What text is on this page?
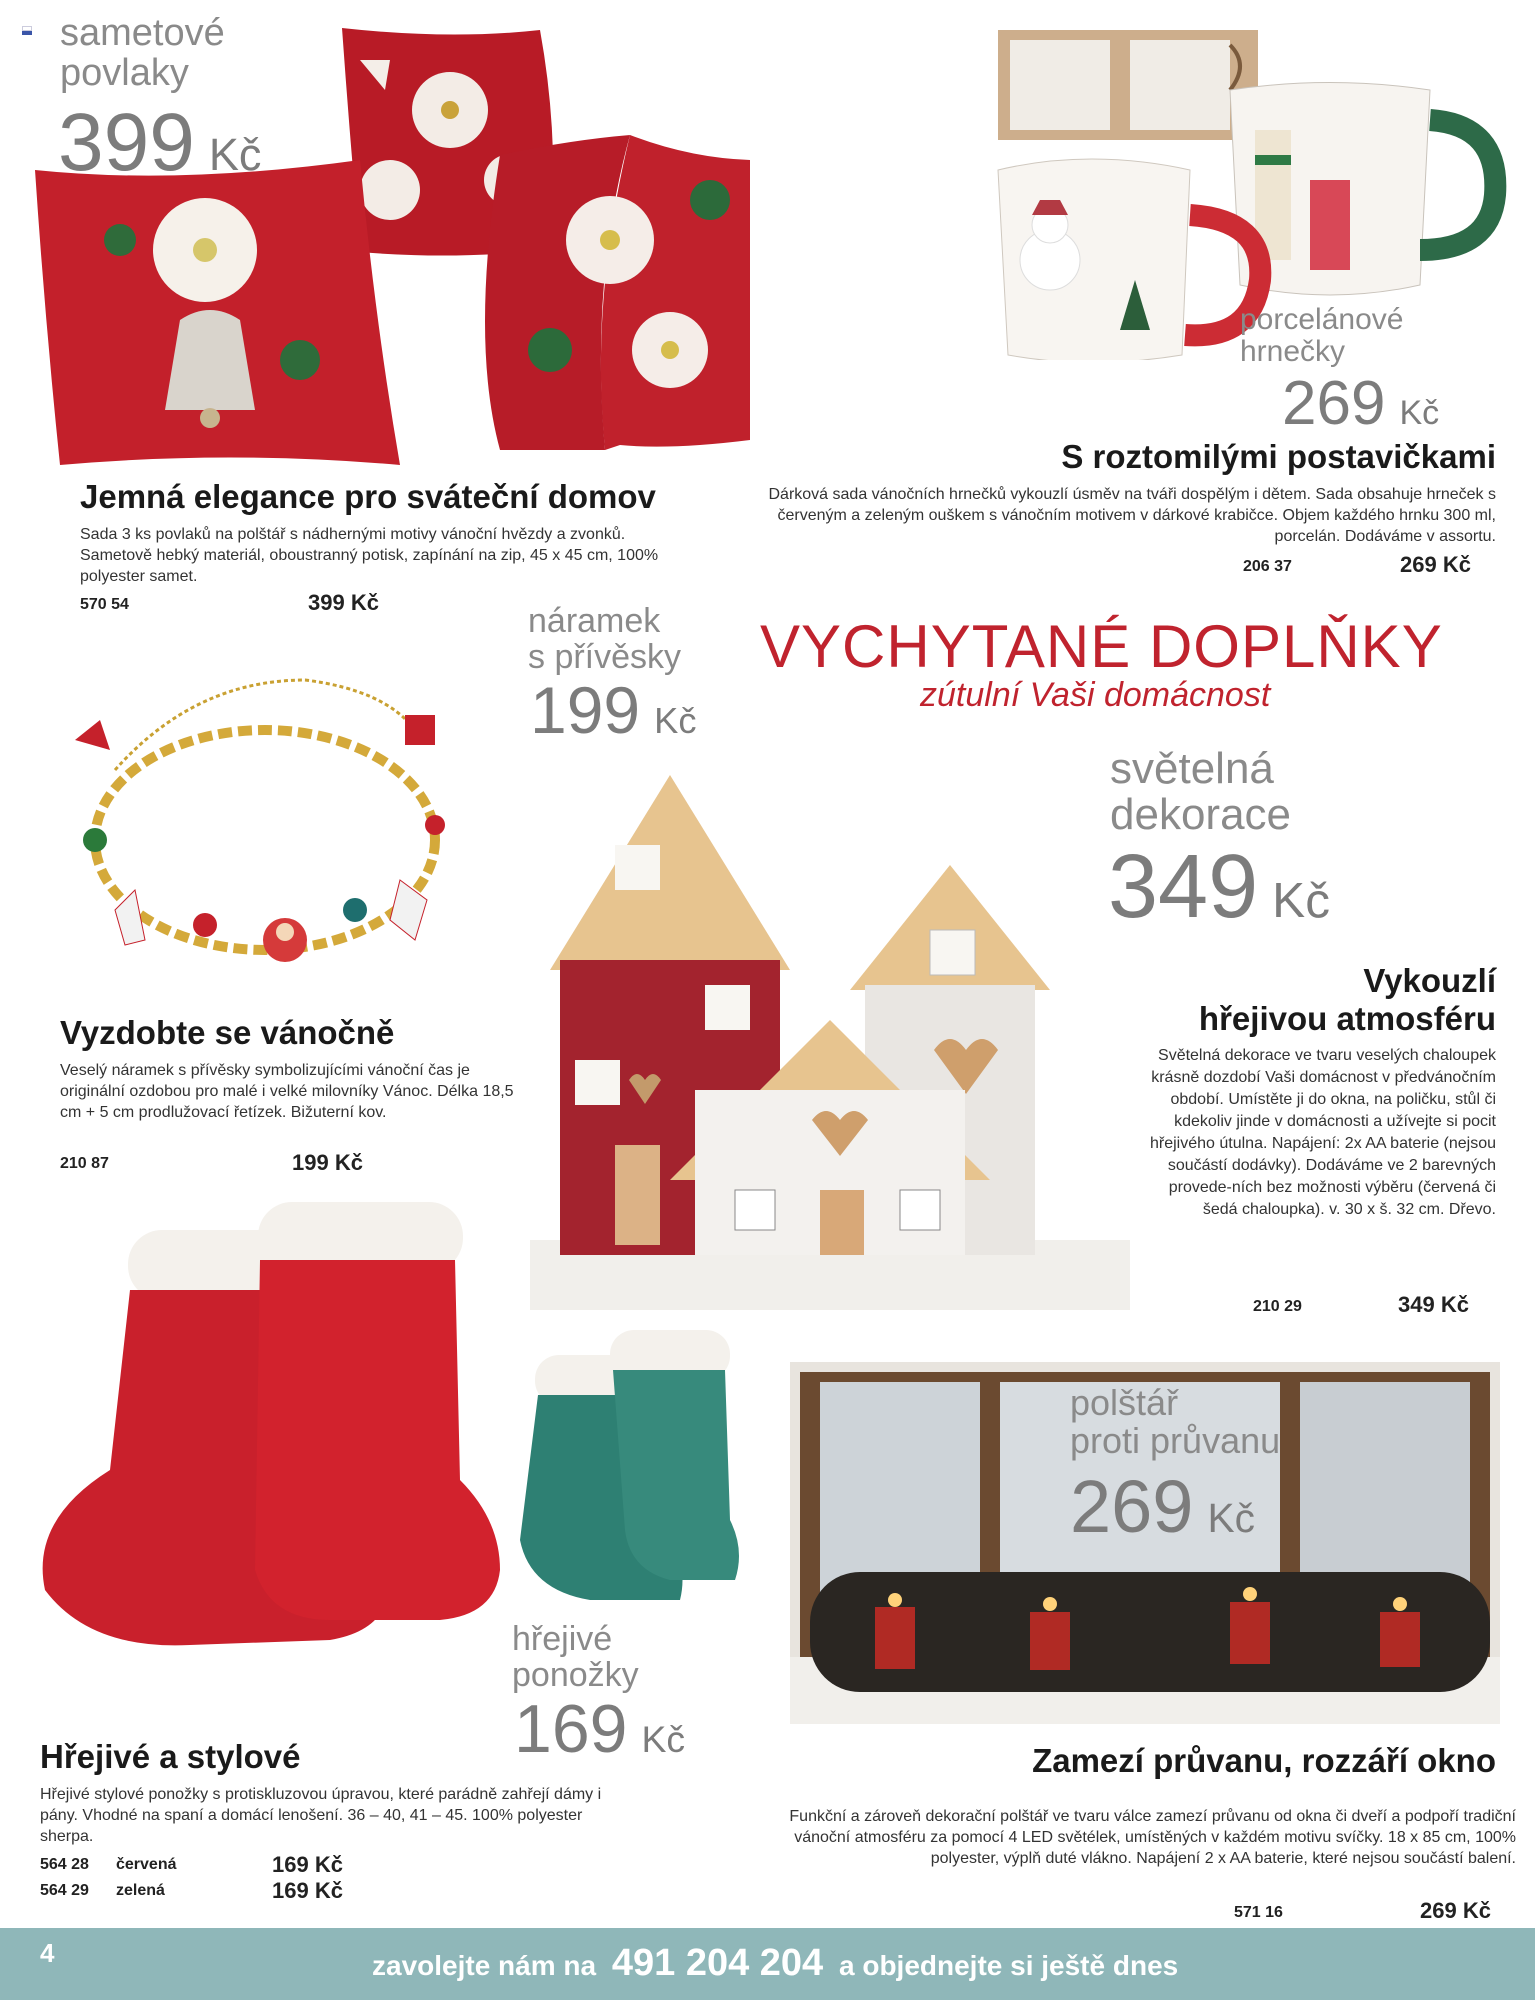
sametové
povlaky
399 Kč
Jemná elegance pro sváteční domov
Sada 3 ks povlaků na polštář s nádhernými motivy vánoční hvězdy a zvonků. Sametově hebký materiál, oboustranný potisk, zapínání na zip, 45 x 45 cm, 100% polyester samet.
570 54	399 Kč
porcelánové
hrnečky
269 Kč
S roztomilými postavičkami
Dárková sada vánočních hrnečků vykouzlí úsměv na tváři dospělým i dětem. Sada obsahuje hrneček s červeným a zeleným ouškem s vánočním motivem v dárkové krabičce. Objem každého hrnku 300 ml, porcelán. Dodáváme v assortu.
206 37	269 Kč
VYCHYTANÉ DOPLŇKY
zútulní Vaši domácnost
náramek
s přívěsky
199 Kč
Vyzdobte se vánočně
Veselý náramek s přívěsky symbolizujícími vánoční čas je originální ozdobou pro malé i velké milovníky Vánoc. Délka 18,5 cm + 5 cm prodlužovací řetízek. Bižuterní kov.
210 87	199 Kč
světelná
dekorace
349 Kč
Vykouzlí
hřejivou atmosféru
Světelná dekorace ve tvaru veselých chaloupek krásně dozdobí Vaši domácnost v předvánočním období. Umístěte ji do okna, na poličku, stůl či kdekoliv jinde v domácnosti a užívejte si pocit hřejivého útulna. Napájení: 2x AA baterie (nejsou součástí dodávky). Dodáváme ve 2 barevných provede-ních bez možnosti výběru (červená či šedá chaloupka). v. 30 x š. 32 cm. Dřevo.
210 29	349 Kč
hřejivé
ponožky
169 Kč
Hřejivé a stylové
Hřejivé stylové ponožky s protiskluzovou úpravou, které parádně zahřejí dámy i pány. Vhodné na spaní a domácí lenošení. 36 – 40, 41 – 45. 100% polyester sherpa.
564 28 červená	169 Kč
564 29 zelená	169 Kč
polštář
proti průvanu
269 Kč
Zamezí průvanu, rozzáří okno
Funkční a zároveň dekorační polštář ve tvaru válce zamezí průvanu od okna či dveří a podpoří tradiční vánoční atmosféru za pomocí 4 LED světélek, umístěných v každém motivu svíčky. 18 x 85 cm, 100% polyester, výplň duté vlákno. Napájení 2 x AA baterie, které nejsou součástí balení.
571 16	269 Kč
4	zavolejte nám na 491 204 204 a objednejte si ještě dnes
